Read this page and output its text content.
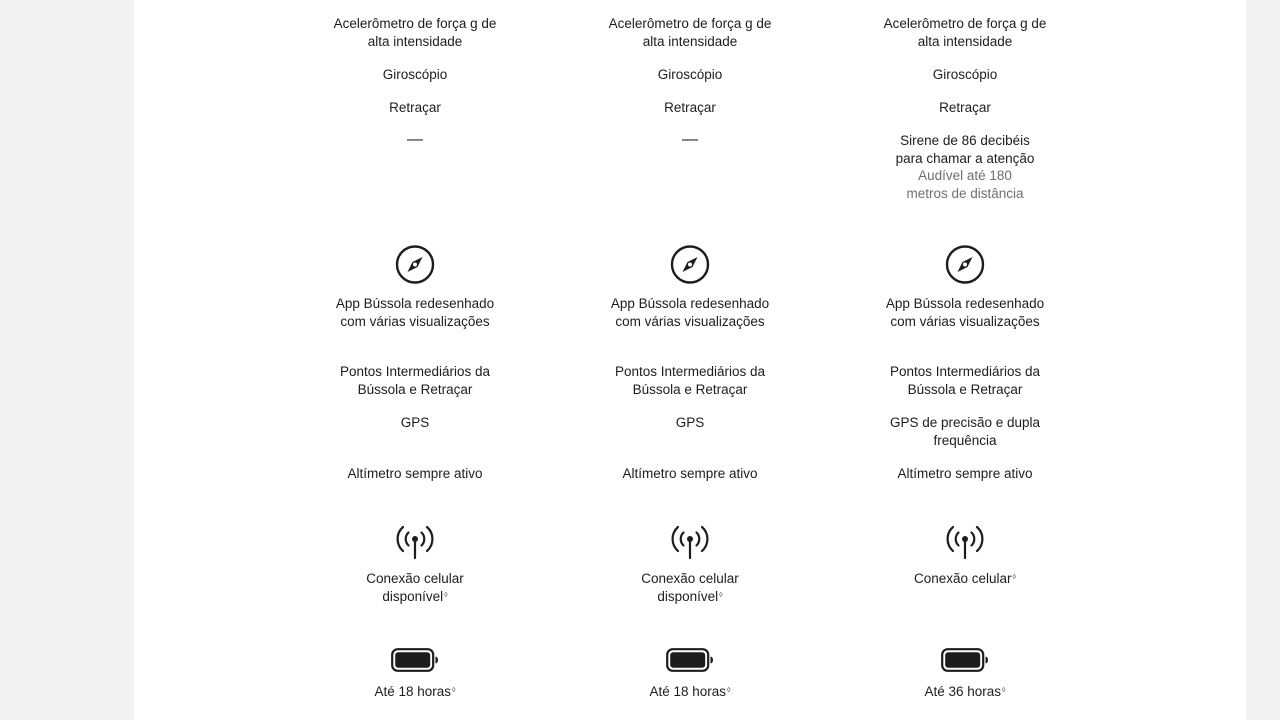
Acelerômetro de força g de alta intensidade

Giroscópio

Retraçar

—

App Bússola redesenhado com várias visualizações

Pontos Intermediários da Bússola e Retraçar

GPS

Altímetro sempre ativo

Conexão celular disponível◊

Até 18 horas◊

Acelerômetro de força g de alta intensidade

Giroscópio

Retraçar

—

App Bússola redesenhado com várias visualizações

Pontos Intermediários da Bússola e Retraçar

GPS

Altímetro sempre ativo

Conexão celular disponível◊

Até 18 horas◊

Acelerômetro de força g de alta intensidade

Giroscópio

Retraçar

Sirene de 86 decibéis para chamar a atenção

Audível até 180 metros de distância

App Bússola redesenhado com várias visualizações

Pontos Intermediários da Bússola e Retraçar

GPS de precisão e dupla frequência

Altímetro sempre ativo

Conexão celular◊

Até 36 horas◊
